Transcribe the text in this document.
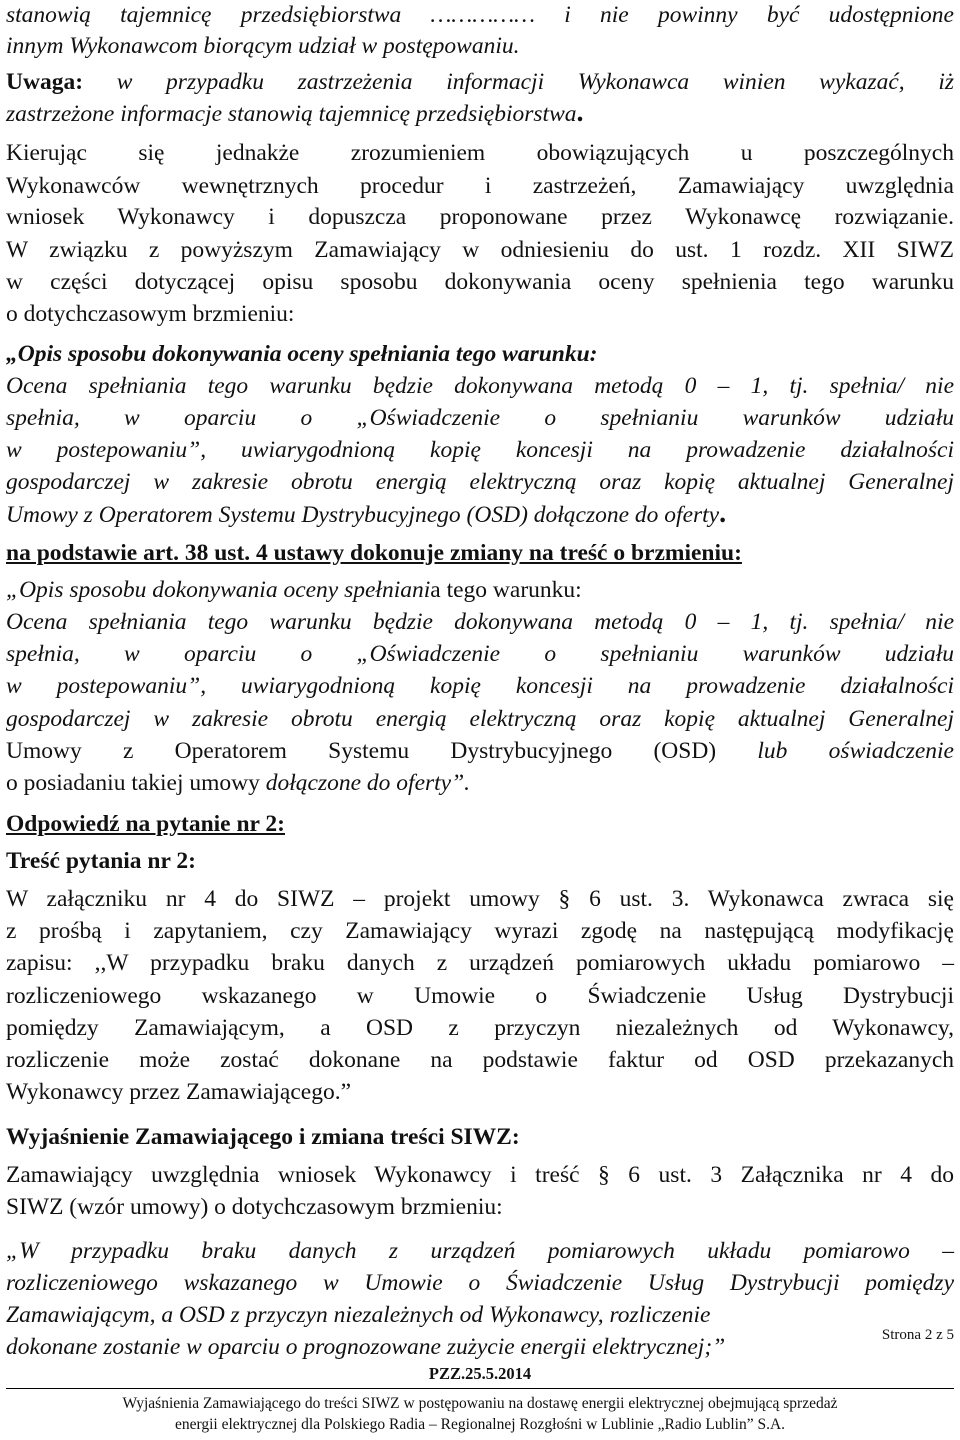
stanowią tajemnicę przedsiębiorstwa …………… i nie powinny być udostępnione
innym Wykonawcom biorącym udział w postępowaniu.
Uwaga: w przypadku zastrzeżenia informacji Wykonawca winien wykazać, iż
zastrzeżone informacje stanowią tajemnicę przedsiębiorstwa.
Kierując się jednakże zrozumieniem obowiązujących u poszczególnych
Wykonawców wewnętrznych procedur i zastrzeżeń, Zamawiający uwzględnia
wniosek Wykonawcy i dopuszcza proponowane przez Wykonawcę rozwiązanie.
W związku z powyższym Zamawiający w odniesieniu do ust. 1 rozdz. XII SIWZ
w części dotyczącej opisu sposobu dokonywania oceny spełnienia tego warunku
o dotychczasowym brzmieniu:
„Opis sposobu dokonywania oceny spełniania tego warunku:
Ocena spełniania tego warunku będzie dokonywana metodą 0 – 1, tj. spełnia/ nie
spełnia, w oparciu o „Oświadczenie o spełnianiu warunków udziału
w postepowaniu”, uwiarygodnioną kopię koncesji na prowadzenie działalności
gospodarczej w zakresie obrotu energią elektryczną oraz kopię aktualnej Generalnej
Umowy z Operatorem Systemu Dystrybucyjnego (OSD) dołączone do oferty.
na podstawie art. 38 ust. 4 ustawy dokonuje zmiany na treść o brzmieniu:
„Opis sposobu dokonywania oceny spełniania tego warunku:
Ocena spełniania tego warunku będzie dokonywana metodą 0 – 1, tj. spełnia/ nie
spełnia, w oparciu o „Oświadczenie o spełnianiu warunków udziału
w postepowaniu”, uwiarygodnioną kopię koncesji na prowadzenie działalności
gospodarczej w zakresie obrotu energią elektryczną oraz kopię aktualnej Generalnej
Umowy z Operatorem Systemu Dystrybucyjnego (OSD) lub oświadczenie
o posiadaniu takiej umowy dołączone do oferty”.
Odpowiedź na pytanie nr 2:
Treść pytania nr 2:
W załączniku nr 4 do SIWZ – projekt umowy § 6 ust. 3. Wykonawca zwraca się
z prośbą i zapytaniem, czy Zamawiający wyrazi zgodę na następującą modyfikację
zapisu: ,,W przypadku braku danych z urządzeń pomiarowych układu pomiarowo –
rozliczeniowego wskazanego w Umowie o Świadczenie Usług Dystrybucji
pomiędzy Zamawiającym, a OSD z przyczyn niezależnych od Wykonawcy,
rozliczenie może zostać dokonane na podstawie faktur od OSD przekazanych
Wykonawcy przez Zamawiającego.”
Wyjaśnienie Zamawiającego i zmiana treści SIWZ:
Zamawiający uwzględnia wniosek Wykonawcy i treść § 6 ust. 3 Załącznika nr 4 do
SIWZ (wzór umowy) o dotychczasowym brzmieniu:
„W przypadku braku danych z urządzeń pomiarowych układu pomiarowo –
rozliczeniowego wskazanego w Umowie o Świadczenie Usług Dystrybucji pomiędzy
Zamawiającym, a OSD z przyczyn niezależnych od Wykonawcy, rozliczenie
dokonane zostanie w oparciu o prognozowane zużycie energii elektrycznej;”	Strona 2 z 5
PZZ.25.5.2014
Wyjaśnienia Zamawiającego do treści SIWZ w postępowaniu na dostawę energii elektrycznej obejmującą sprzedaż
energii elektrycznej dla Polskiego Radia – Regionalnej Rozgłośni w Lublinie „Radio Lublin” S.A.
